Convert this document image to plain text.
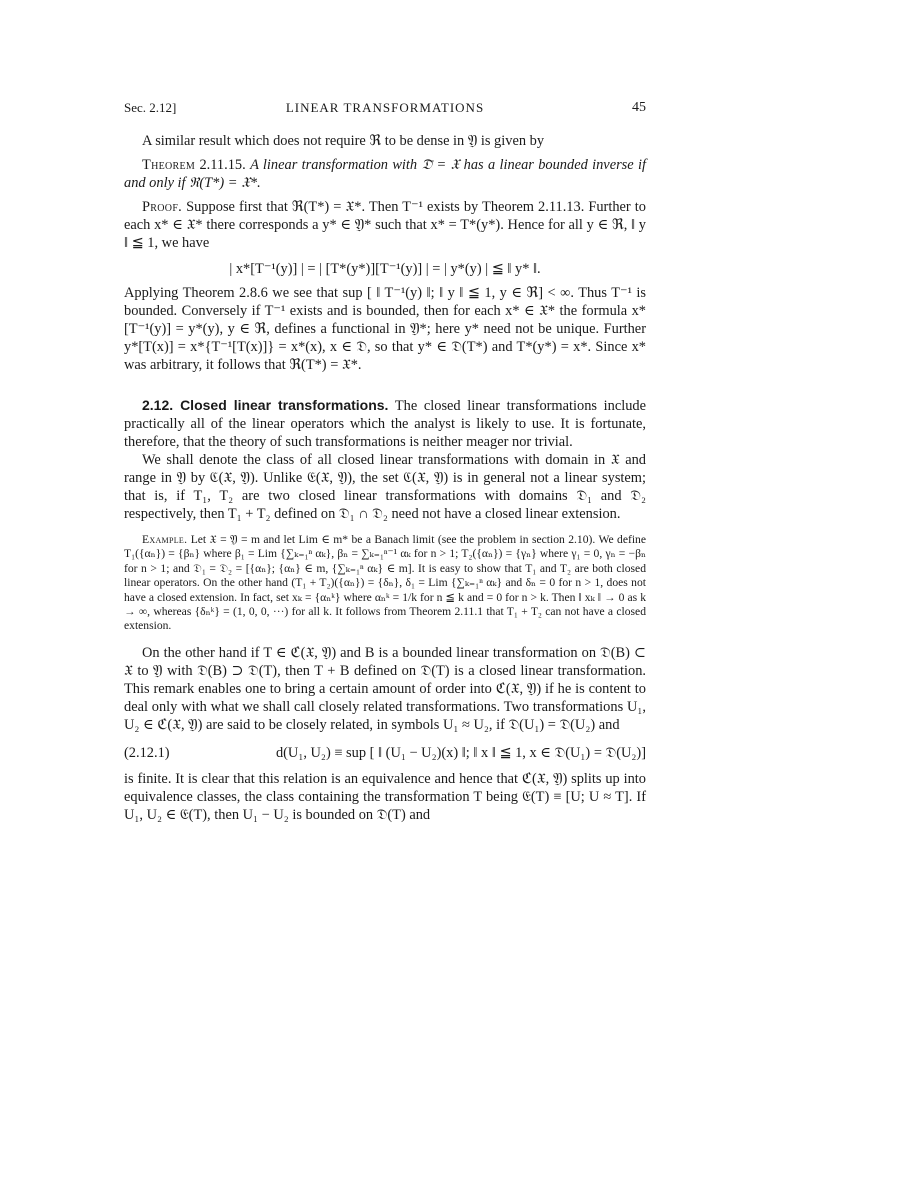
Sec. 2.12]	LINEAR TRANSFORMATIONS	45

A similar result which does not require ℜ to be dense in 𝔜 is given by

Theorem 2.11.15. A linear transformation with 𝔇̄ = 𝔛 has a linear bounded inverse if and only if ℜ(T*) = 𝔛*.

Proof. Suppose first that ℜ(T*) = 𝔛*. Then T⁻¹ exists by Theorem 2.11.13. Further to each x* ∈ 𝔛* there corresponds a y* ∈ 𝔜* such that x* = T*(y*). Hence for all y ∈ ℜ, ‖ y ‖ ≦ 1, we have

| x*[T⁻¹(y)] | = | [T*(y*)][T⁻¹(y)] | = | y*(y) | ≦ ‖ y* ‖.

Applying Theorem 2.8.6 we see that sup [ ‖ T⁻¹(y) ‖; ‖ y ‖ ≦ 1, y ∈ ℜ] < ∞. Thus T⁻¹ is bounded. Conversely if T⁻¹ exists and is bounded, then for each x* ∈ 𝔛* the formula x*[T⁻¹(y)] = y*(y), y ∈ ℜ, defines a functional in 𝔜*; here y* need not be unique. Further y*[T(x)] = x*{T⁻¹[T(x)]} = x*(x), x ∈ 𝔇, so that y* ∈ 𝔇(T*) and T*(y*) = x*. Since x* was arbitrary, it follows that ℜ(T*) = 𝔛*.

2.12. Closed linear transformations. The closed linear transformations include practically all of the linear operators which the analyst is likely to use. It is fortunate, therefore, that the theory of such transformations is neither meager nor trivial.

We shall denote the class of all closed linear transformations with domain in 𝔛 and range in 𝔜 by ℭ(𝔛, 𝔜). Unlike 𝔈(𝔛, 𝔜), the set ℭ(𝔛, 𝔜) is in general not a linear system; that is, if T₁, T₂ are two closed linear transformations with domains 𝔇₁ and 𝔇₂ respectively, then T₁ + T₂ defined on 𝔇₁ ∩ 𝔇₂ need not have a closed linear extension.

Example. Let 𝔛 = 𝔜 = m and let Lim ∈ m* be a Banach limit (see the problem in section 2.10). We define T₁({αₙ}) = {βₙ} where β₁ = Lim {∑ₖ₌₁ⁿ αₖ}, βₙ = ∑ₖ₌₁ⁿ⁻¹ αₖ for n > 1; T₂({αₙ}) = {γₙ} where γ₁ = 0, γₙ = −βₙ for n > 1; and 𝔇₁ = 𝔇₂ = [{αₙ}; {αₙ} ∈ m, {∑ₖ₌₁ⁿ αₖ} ∈ m]. It is easy to show that T₁ and T₂ are both closed linear operators. On the other hand (T₁ + T₂)({αₙ}) = {δₙ}, δ₁ = Lim {∑ₖ₌₁ⁿ αₖ} and δₙ = 0 for n > 1, does not have a closed extension. In fact, set xₖ = {αₙᵏ} where αₙᵏ = 1/k for n ≦ k and = 0 for n > k. Then ‖ xₖ ‖ → 0 as k → ∞, whereas {δₙᵏ} = (1, 0, 0, ···) for all k. It follows from Theorem 2.11.1 that T₁ + T₂ can not have a closed extension.

On the other hand if T ∈ ℭ(𝔛, 𝔜) and B is a bounded linear transformation on 𝔇(B) ⊂ 𝔛 to 𝔜 with 𝔇(B) ⊃ 𝔇(T), then T + B defined on 𝔇(T) is a closed linear transformation. This remark enables one to bring a certain amount of order into ℭ(𝔛, 𝔜) if he is content to deal only with what we shall call closely related transformations. Two transformations U₁, U₂ ∈ ℭ(𝔛, 𝔜) are said to be closely related, in symbols U₁ ≈ U₂, if 𝔇(U₁) = 𝔇(U₂) and

(2.12.1)	d(U₁, U₂) ≡ sup [ ‖ (U₁ − U₂)(x) ‖; ‖ x ‖ ≦ 1, x ∈ 𝔇(U₁) = 𝔇(U₂)]

is finite. It is clear that this relation is an equivalence and hence that ℭ(𝔛, 𝔜) splits up into equivalence classes, the class containing the transformation T being 𝔈(T) ≡ [U; U ≈ T]. If U₁, U₂ ∈ 𝔈(T), then U₁ − U₂ is bounded on 𝔇(T) and
